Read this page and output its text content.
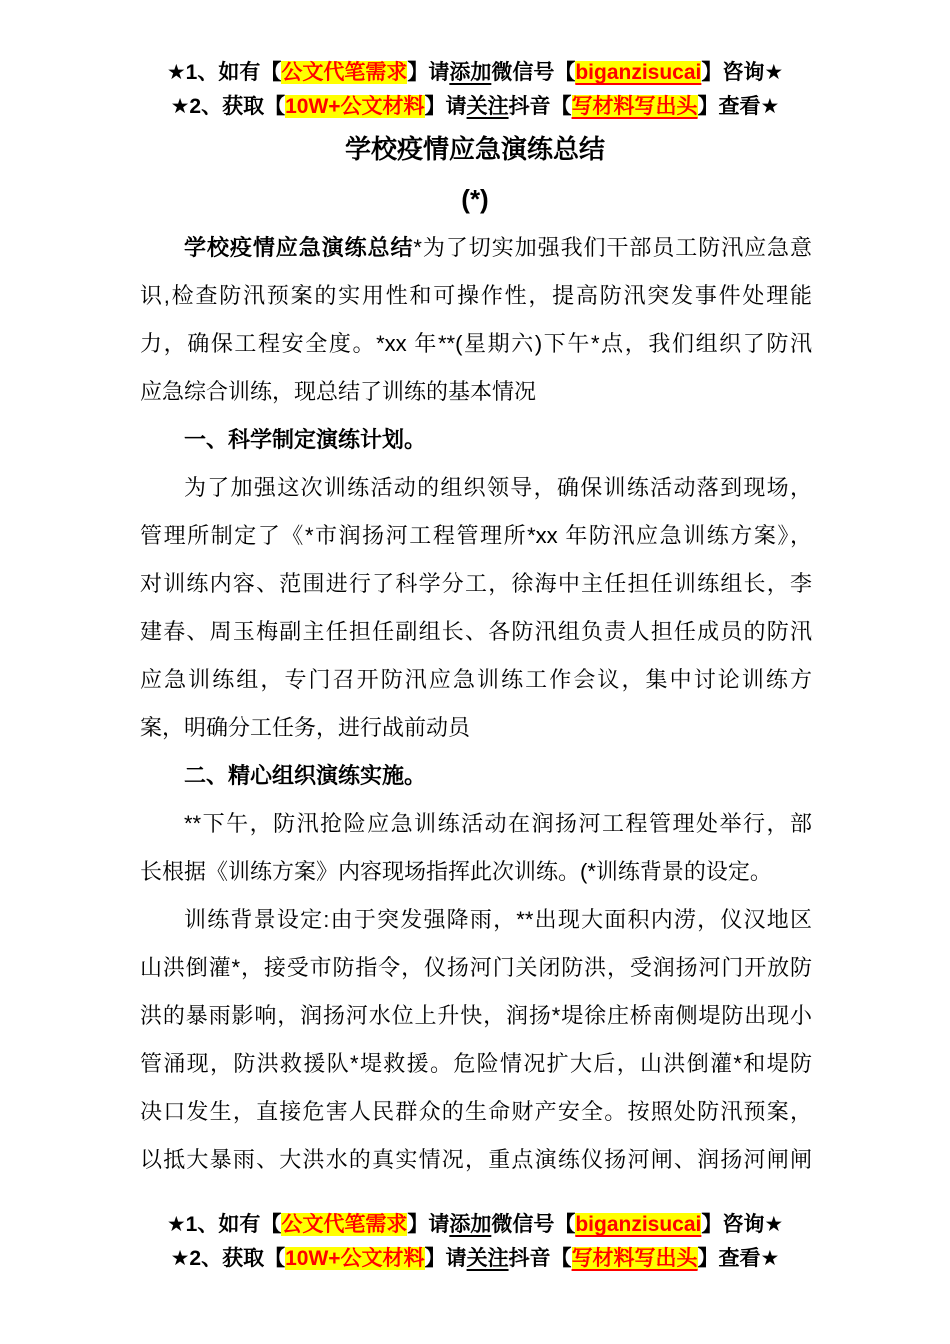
★1、如有【公文代笔需求】请添加微信号【biganzisucai】咨询★
★2、获取【10W+公文材料】请关注抖音【写材料写出头】查看★
学校疫情应急演练总结
(*)

学校疫情应急演练总结*为了切实加强我们干部员工防汛应急意

识,检查防汛预案的实用性和可操作性，提高防汛突发事件处理能

力，确保工程安全度。*xx 年**(星期六)下午*点，我们组织了防汛

应急综合训练，现总结了训练的基本情况

一、科学制定演练计划。

为了加强这次训练活动的组织领导，确保训练活动落到现场，

管理所制定了《*市润扬河工程管理所*xx 年防汛应急训练方案》，

对训练内容、范围进行了科学分工，徐海中主任担任训练组长，李

建春、周玉梅副主任担任副组长、各防汛组负责人担任成员的防汛

应急训练组，专门召开防汛应急训练工作会议，集中讨论训练方

案，明确分工任务，进行战前动员

二、精心组织演练实施。

**下午，防汛抢险应急训练活动在润扬河工程管理处举行，部

长根据《训练方案》内容现场指挥此次训练。(*训练背景的设定。

训练背景设定:由于突发强降雨，**出现大面积内涝，仪汉地区

山洪倒灌*，接受市防指令，仪扬河门关闭防洪，受润扬河门开放防

洪的暴雨影响，润扬河水位上升快，润扬*堤徐庄桥南侧堤防出现小

管涌现，防洪救援队*堤救援。危险情况扩大后，山洪倒灌*和堤防

决口发生，直接危害人民群众的生命财产安全。按照处防汛预案，

以抵大暴雨、大洪水的真实情况，重点演练仪扬河闸、润扬河闸闸

★1、如有【公文代笔需求】请添加微信号【biganzisucai】咨询★
★2、获取【10W+公文材料】请关注抖音【写材料写出头】查看★
